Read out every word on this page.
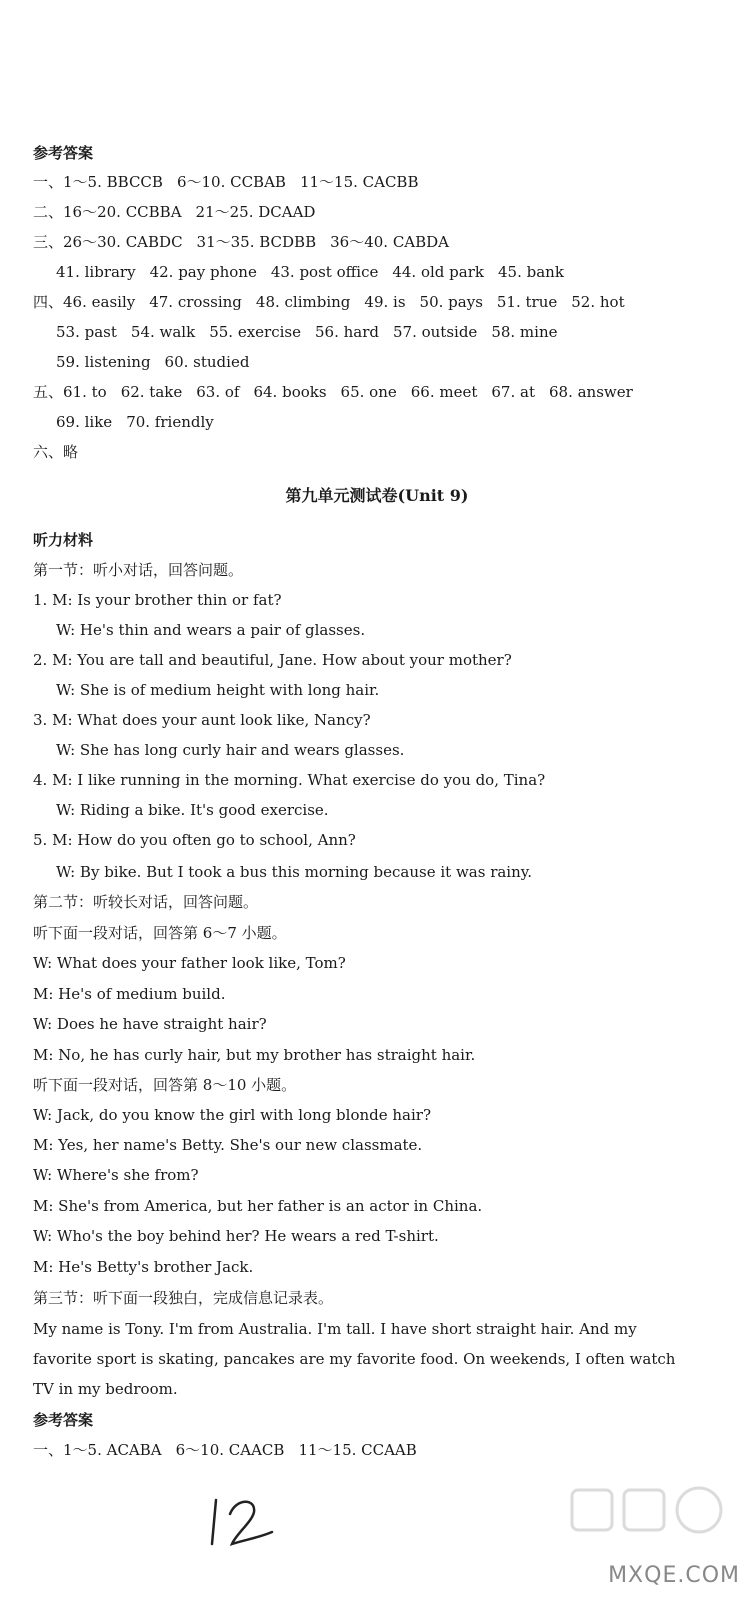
参考答案
一、1～5. BBCCB 6～10. CCBAB 11～15. CACBB
二、16～20. CCBBA 21～25. DCAAD
三、26～30. CABDC 31～35. BCDBB 36～40. CABDA
41. library 42. pay phone 43. post office 44. old park 45. bank
四、46. easily 47. crossing 48. climbing 49. is 50. pays 51. true 52. hot
53. past 54. walk 55. exercise 56. hard 57. outside 58. mine
59. listening 60. studied
五、61. to 62. take 63. of 64. books 65. one 66. meet 67. at 68. answer
69. like 70. friendly
六、略
第九单元测试卷(Unit 9)
听力材料
第一节：听小对话，回答问题。
1. M: Is your brother thin or fat?
W: He's thin and wears a pair of glasses.
2. M: You are tall and beautiful, Jane. How about your mother?
W: She is of medium height with long hair.
3. M: What does your aunt look like, Nancy?
W: She has long curly hair and wears glasses.
4. M: I like running in the morning. What exercise do you do, Tina?
W: Riding a bike. It's good exercise.
5. M: How do you often go to school, Ann?
W: By bike. But I took a bus this morning because it was rainy.
第二节：听较长对话，回答问题。
听下面一段对话，回答第 6～7 小题。
W: What does your father look like, Tom?
M: He's of medium build.
W: Does he have straight hair?
M: No, he has curly hair, but my brother has straight hair.
听下面一段对话，回答第 8～10 小题。
W: Jack, do you know the girl with long blonde hair?
M: Yes, her name's Betty. She's our new classmate.
W: Where's she from?
M: She's from America, but her father is an actor in China.
W: Who's the boy behind her? He wears a red T-shirt.
M: He's Betty's brother Jack.
第三节：听下面一段独白，完成信息记录表。
My name is Tony. I'm from Australia. I'm tall. I have short straight hair. And my
favorite sport is skating, pancakes are my favorite food. On weekends, I often watch
TV in my bedroom.
参考答案
一、1～5. ACABA 6～10. CAACB 11～15. CCAAB
MXQE.COM
